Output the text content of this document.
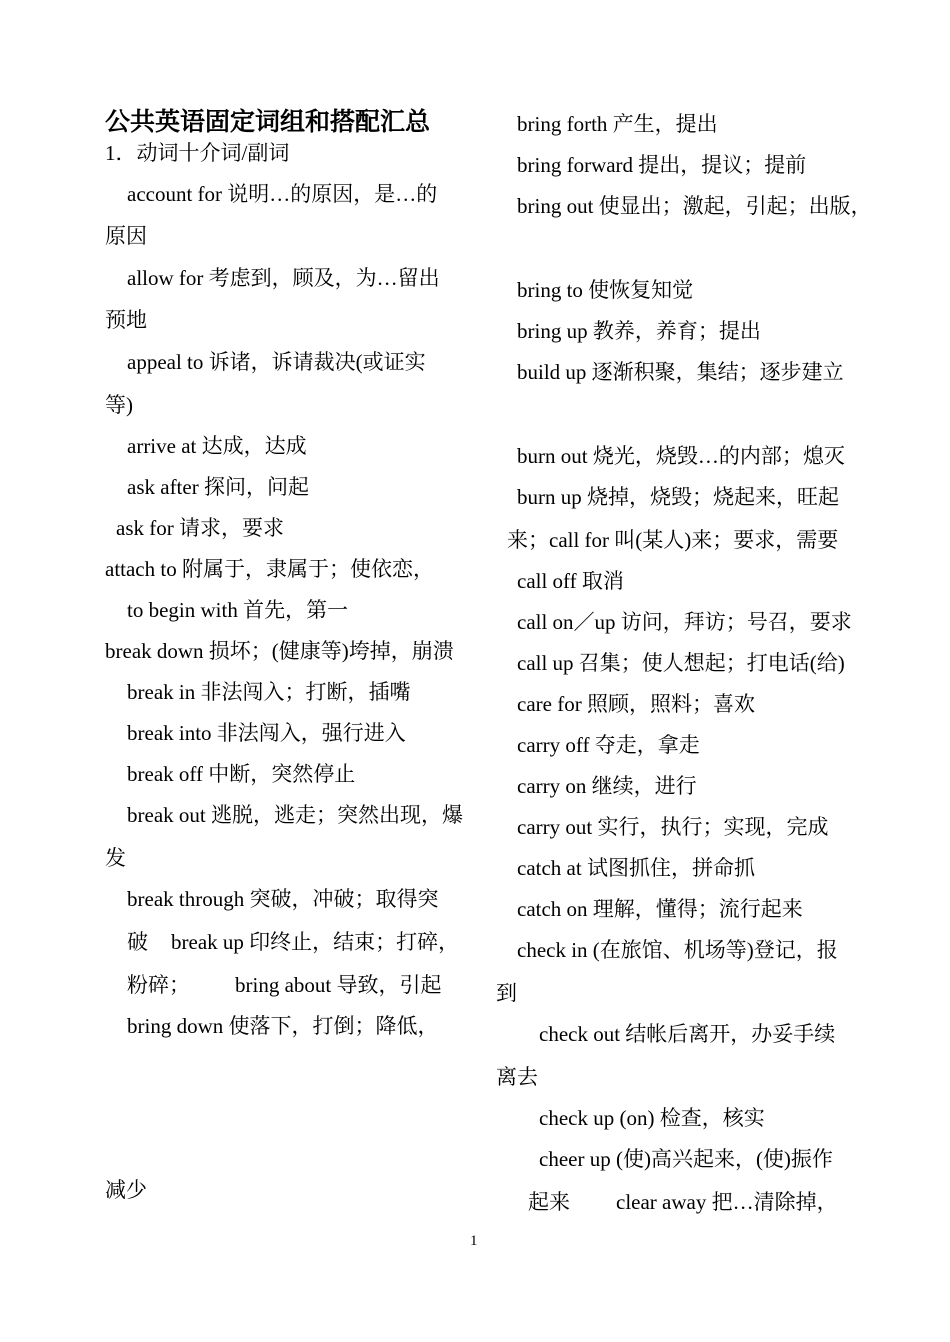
公共英语固定词组和搭配汇总
1．动词十介词/副词
account for 说明…的原因，是…的
原因
allow for 考虑到，顾及，为…留出
预地
appeal to 诉诸，诉请裁决(或证实
等)
arrive at 达成，达成
ask after 探问，问起
ask for 请求，要求
attach to 附属于，隶属于；使依恋，
to begin with 首先，第一
break down 损坏；(健康等)垮掉，崩溃
break in 非法闯入；打断，插嘴
break into 非法闯入，强行进入
break off 中断，突然停止
break out 逃脱，逃走；突然出现，爆
发
break through 突破，冲破；取得突
破 break up 印终止，结束；打碎，
粉碎； bring about 导致，引起
bring down 使落下，打倒；降低，
减少
bring forth 产生，提出
bring forward 提出，提议；提前
bring out 使显出；激起，引起；出版，
bring to 使恢复知觉
bring up 教养，养育；提出
build up 逐渐积聚，集结；逐步建立
burn out 烧光，烧毁…的内部；熄灭
burn up 烧掉，烧毁；烧起来，旺起
来；call for 叫(某人)来；要求，需要
call off 取消
call on／up 访问，拜访；号召，要求
call up 召集；使人想起；打电话(给)
care for 照顾，照料；喜欢
carry off 夺走，拿走
carry on 继续，进行
carry out 实行，执行；实现，完成
catch at 试图抓住，拼命抓
catch on 理解，懂得；流行起来
check in (在旅馆、机场等)登记，报
到
check out 结帐后离开，办妥手续
离去
check up (on) 检查，核实
cheer up (使)高兴起来，(使)振作
起来 clear away 把…清除掉，
1
